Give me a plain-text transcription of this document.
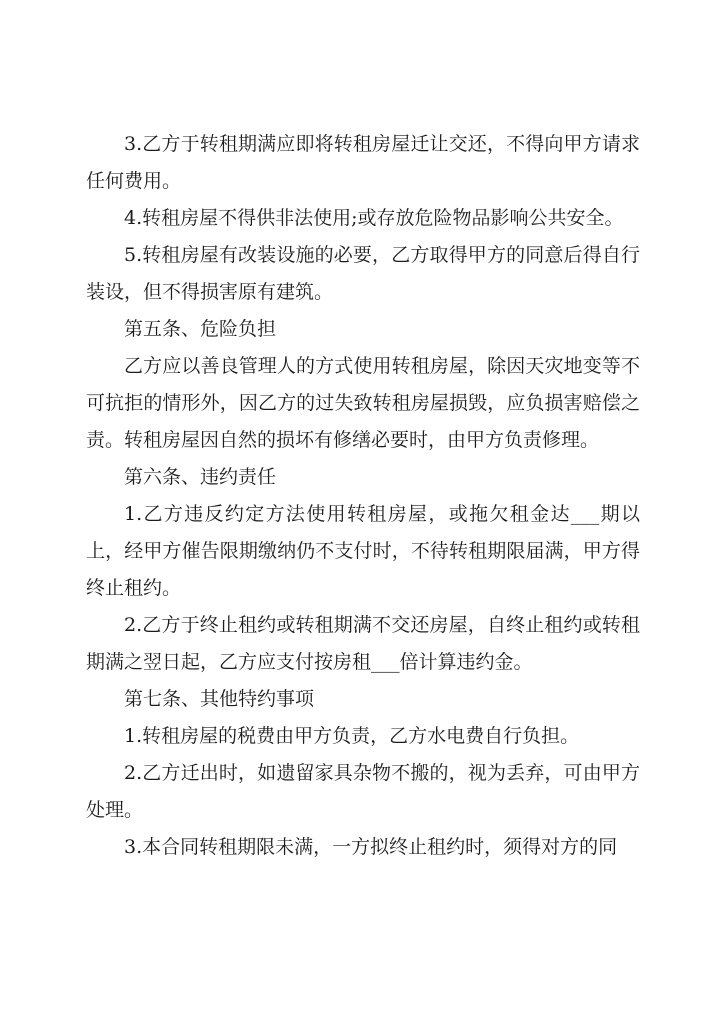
3.乙方于转租期满应即将转租房屋迁让交还，不得向甲方请求任何费用。

4.转租房屋不得供非法使用;或存放危险物品影响公共安全。

5.转租房屋有改装设施的必要，乙方取得甲方的同意后得自行装设，但不得损害原有建筑。

第五条、危险负担

乙方应以善良管理人的方式使用转租房屋，除因天灾地变等不可抗拒的情形外，因乙方的过失致转租房屋损毁，应负损害赔偿之责。转租房屋因自然的损坏有修缮必要时，由甲方负责修理。

第六条、违约责任

1.乙方违反约定方法使用转租房屋，或拖欠租金达___期以上，经甲方催告限期缴纳仍不支付时，不待转租期限届满，甲方得终止租约。

2.乙方于终止租约或转租期满不交还房屋，自终止租约或转租期满之翌日起，乙方应支付按房租___倍计算违约金。

第七条、其他特约事项

1.转租房屋的税费由甲方负责，乙方水电费自行负担。

2.乙方迁出时，如遗留家具杂物不搬的，视为丢弃，可由甲方处理。

3.本合同转租期限未满，一方拟终止租约时，须得对方的同
